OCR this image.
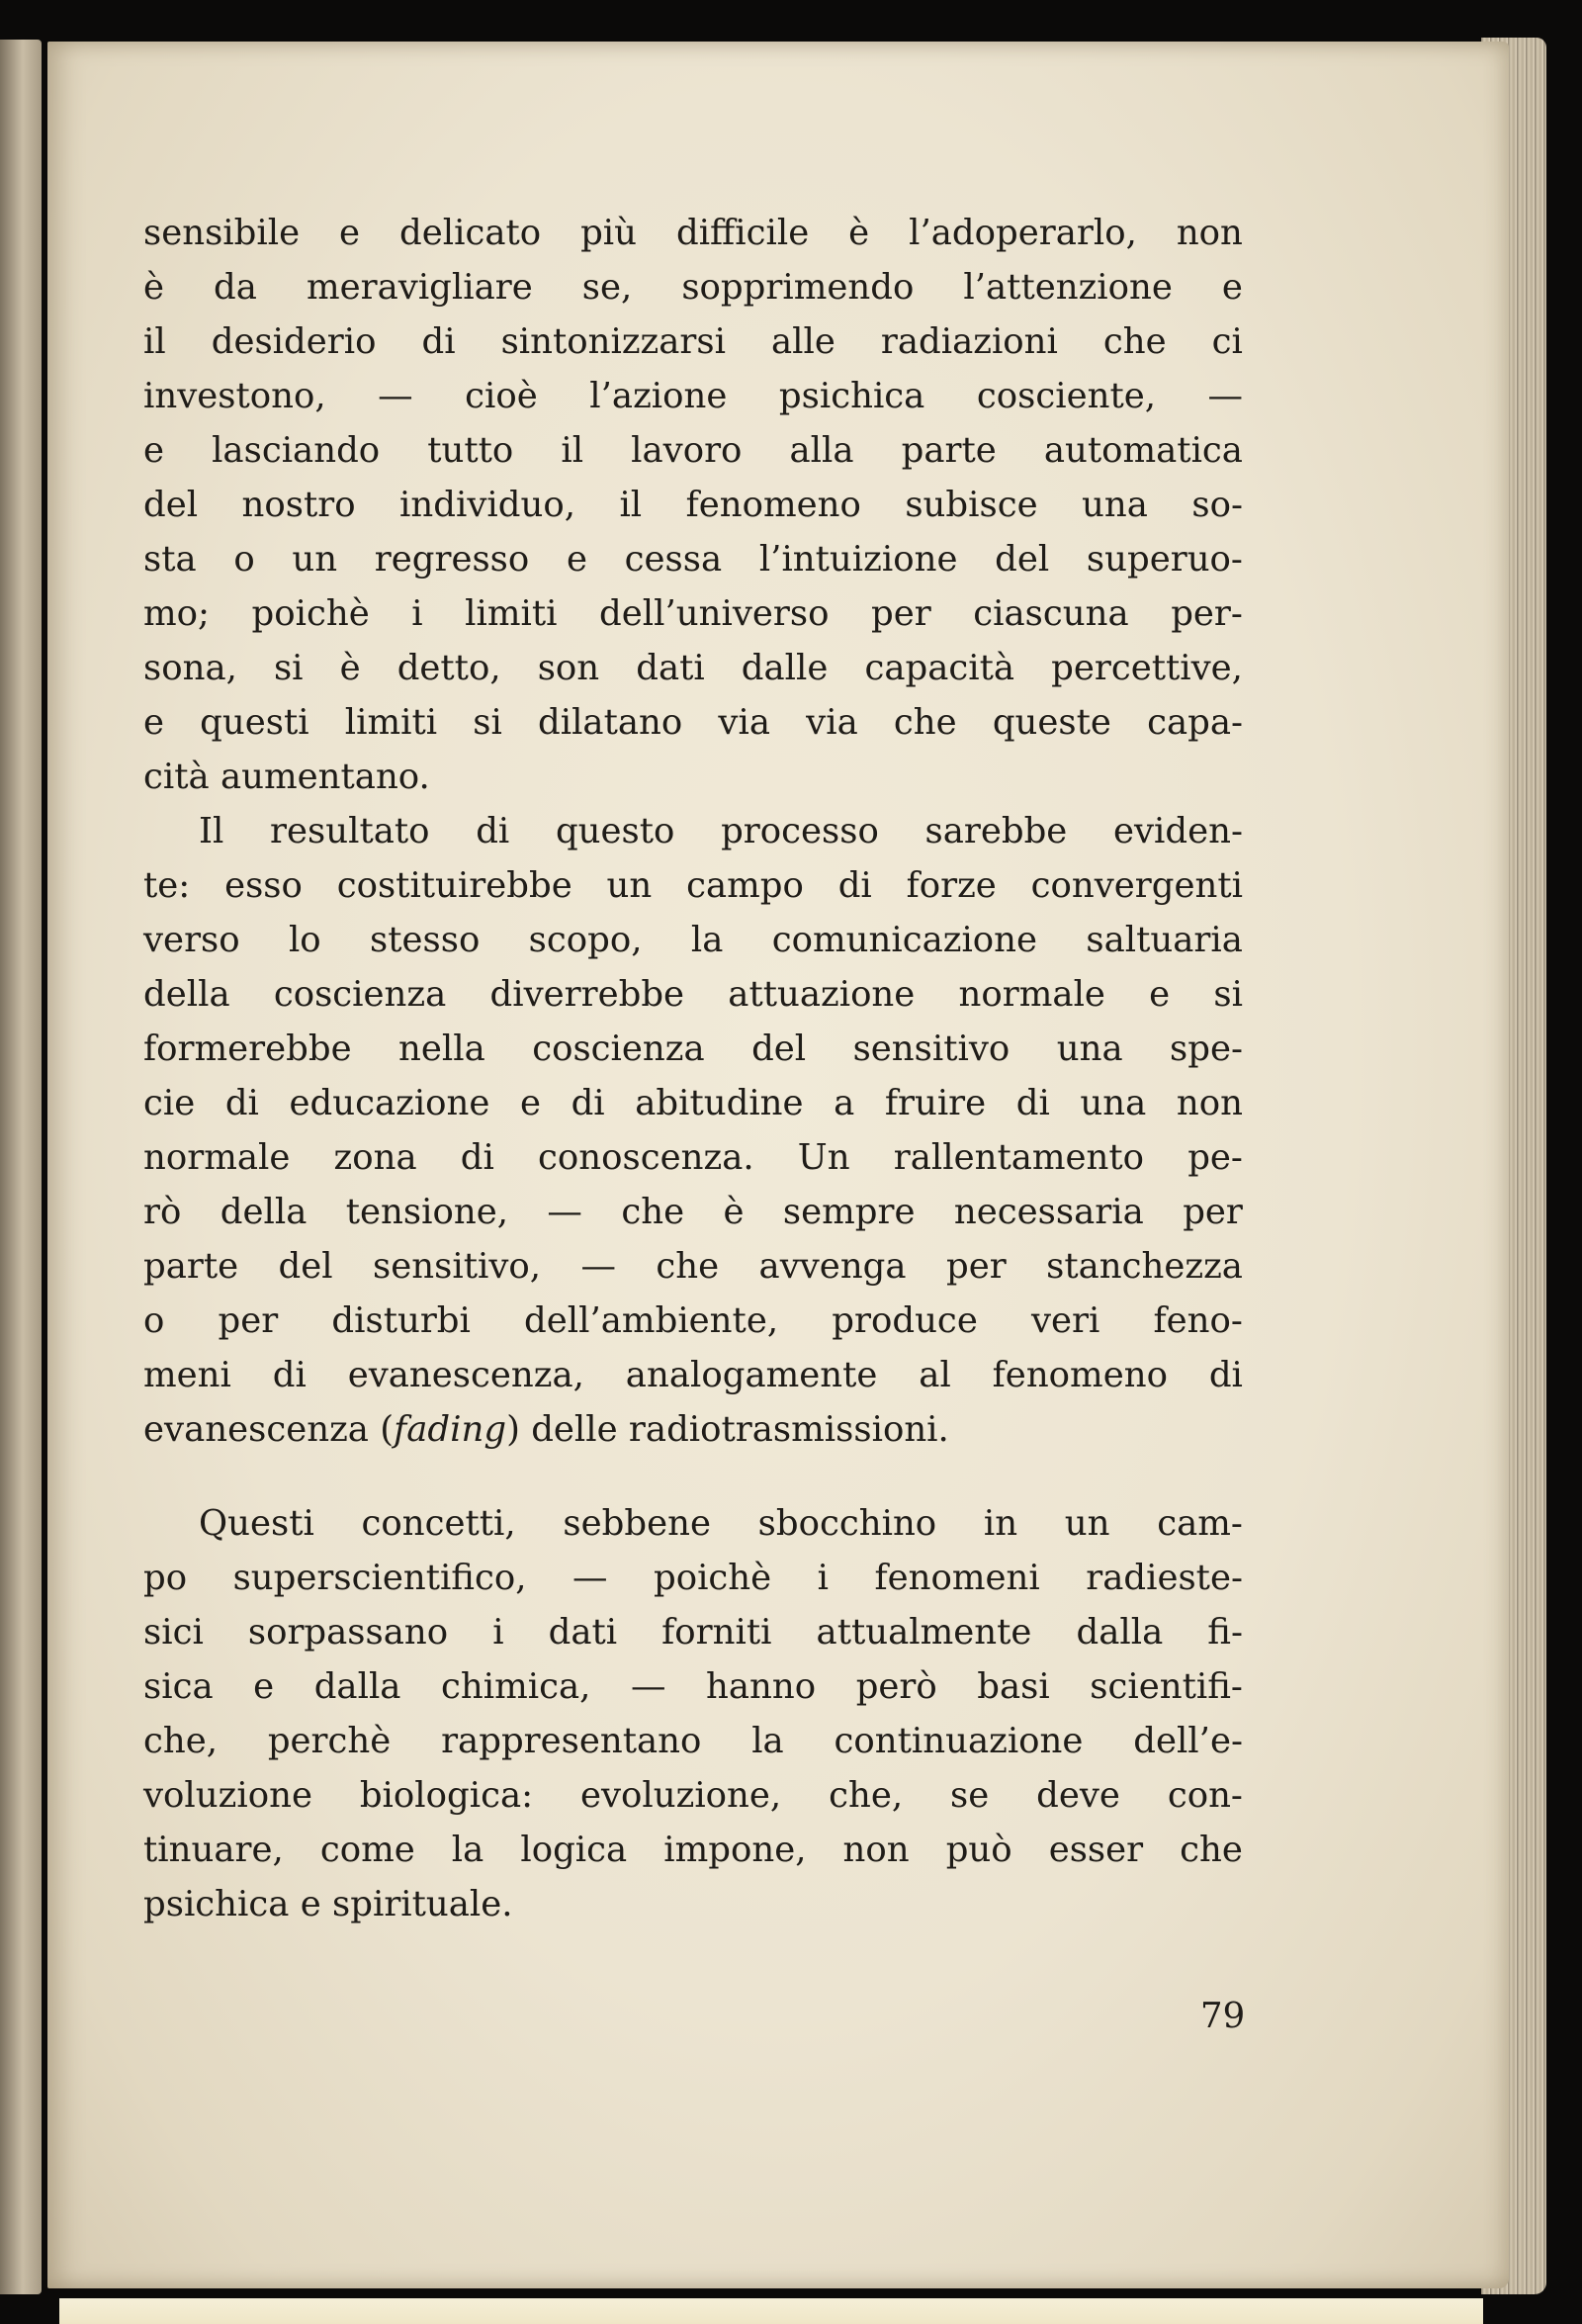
sensibile e delicato più difficile è l’adoperarlo, non
è da meravigliare se, sopprimendo l’attenzione e
il desiderio di sintonizzarsi alle radiazioni che ci
investono, — cioè l’azione psichica cosciente, —
e lasciando tutto il lavoro alla parte automatica
del nostro individuo, il fenomeno subisce una so-
sta o un regresso e cessa l’intuizione del superuo-
mo; poichè i limiti dell’universo per ciascuna per-
sona, si è detto, son dati dalle capacità percettive,
e questi limiti si dilatano via via che queste capa-
cità aumentano.
Il resultato di questo processo sarebbe eviden-
te: esso costituirebbe un campo di forze convergenti
verso lo stesso scopo, la comunicazione saltuaria
della coscienza diverrebbe attuazione normale e si
formerebbe nella coscienza del sensitivo una spe-
cie di educazione e di abitudine a fruire di una non
normale zona di conoscenza. Un rallentamento pe-
rò della tensione, — che è sempre necessaria per
parte del sensitivo, — che avvenga per stanchezza
o per disturbi dell’ambiente, produce veri feno-
meni di evanescenza, analogamente al fenomeno di
evanescenza ( fading ) delle radiotrasmissioni.
Questi concetti, sebbene sbocchino in un cam-
po superscientifico, — poichè i fenomeni radieste-
sici sorpassano i dati forniti attualmente dalla fi-
sica e dalla chimica, — hanno però basi scientifi-
che, perchè rappresentano la continuazione dell’e-
voluzione biologica: evoluzione, che, se deve con-
tinuare, come la logica impone, non può esser che
psichica e spirituale.
79
